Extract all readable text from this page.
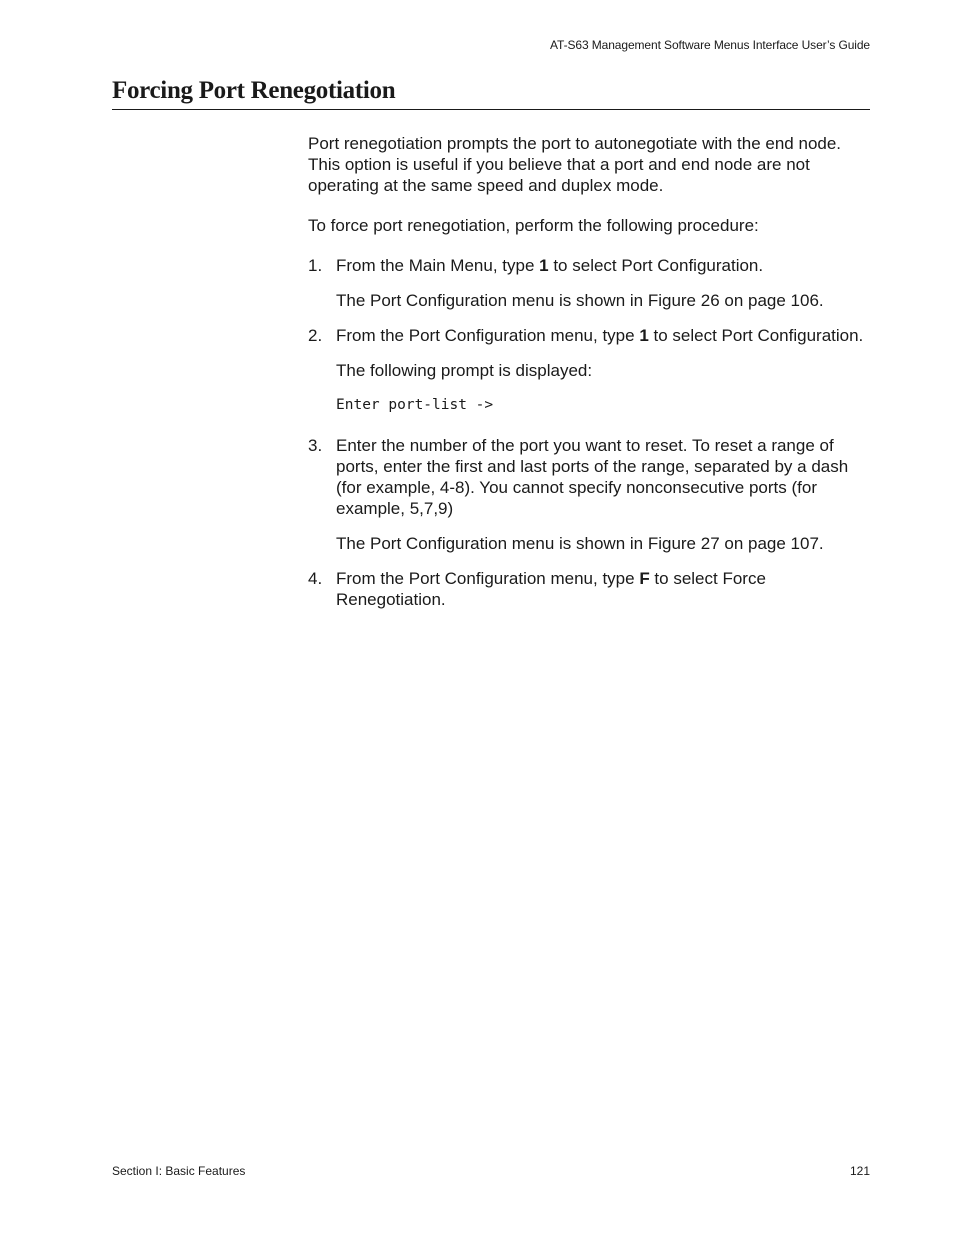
AT-S63 Management Software Menus Interface User’s Guide
Forcing Port Renegotiation

Port renegotiation prompts the port to autonegotiate with the end node. This option is useful if you believe that a port and end node are not operating at the same speed and duplex mode.

To force port renegotiation, perform the following procedure:

1. From the Main Menu, type 1 to select Port Configuration.

The Port Configuration menu is shown in Figure 26 on page 106.

2. From the Port Configuration menu, type 1 to select Port Configuration.

The following prompt is displayed:

Enter port-list ->
3. Enter the number of the port you want to reset. To reset a range of ports, enter the first and last ports of the range, separated by a dash (for example, 4-8). You cannot specify nonconsecutive ports (for example, 5,7,9)

The Port Configuration menu is shown in Figure 27 on page 107.

4. From the Port Configuration menu, type F to select Force Renegotiation.
Section I: Basic Features	121
